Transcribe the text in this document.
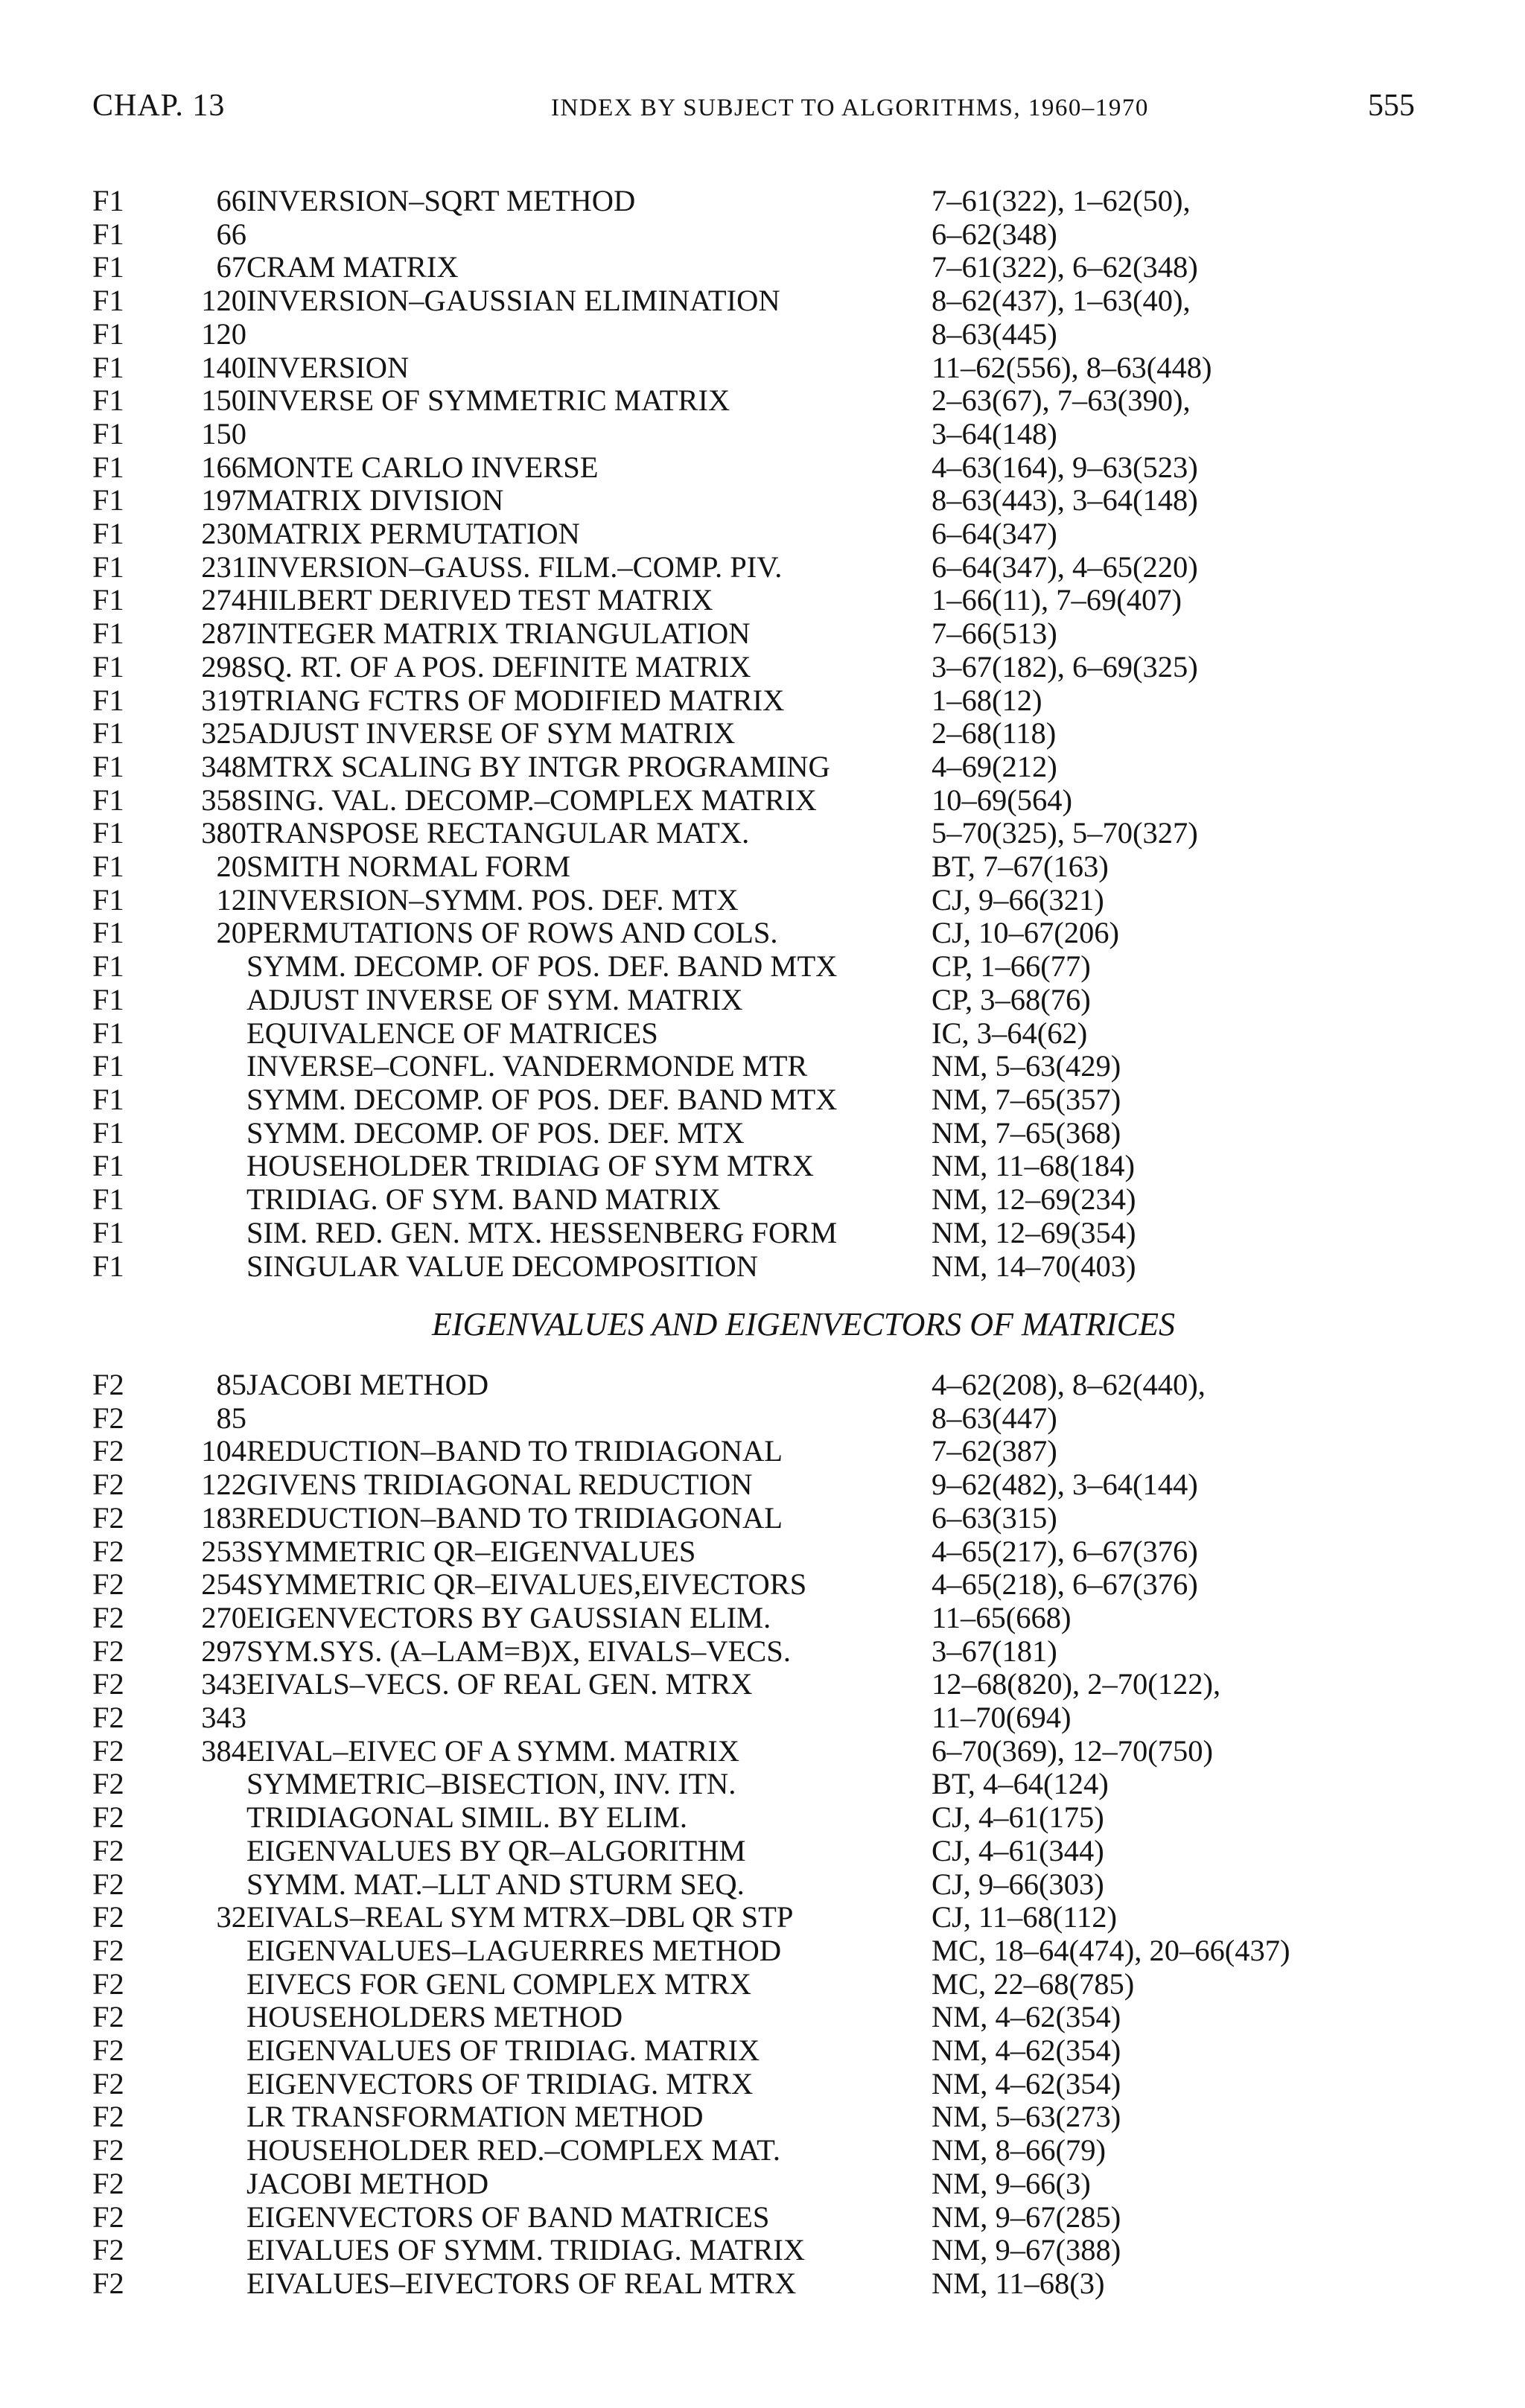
CHAP. 13	INDEX BY SUBJECT TO ALGORITHMS, 1960–1970	555
F1	66	INVERSION–SQRT METHOD	7–61(322), 1–62(50),
F1	66		6–62(348)
F1	67	CRAM MATRIX	7–61(322), 6–62(348)
F1	120	INVERSION–GAUSSIAN ELIMINATION	8–62(437), 1–63(40),
F1	120		8–63(445)
F1	140	INVERSION	11–62(556), 8–63(448)
F1	150	INVERSE OF SYMMETRIC MATRIX	2–63(67), 7–63(390),
F1	150		3–64(148)
F1	166	MONTE CARLO INVERSE	4–63(164), 9–63(523)
F1	197	MATRIX DIVISION	8–63(443), 3–64(148)
F1	230	MATRIX PERMUTATION	6–64(347)
F1	231	INVERSION–GAUSS. FILM.–COMP. PIV.	6–64(347), 4–65(220)
F1	274	HILBERT DERIVED TEST MATRIX	1–66(11), 7–69(407)
F1	287	INTEGER MATRIX TRIANGULATION	7–66(513)
F1	298	SQ. RT. OF A POS. DEFINITE MATRIX	3–67(182), 6–69(325)
F1	319	TRIANG FCTRS OF MODIFIED MATRIX	1–68(12)
F1	325	ADJUST INVERSE OF SYM MATRIX	2–68(118)
F1	348	MTRX SCALING BY INTGR PROGRAMING	4–69(212)
F1	358	SING. VAL. DECOMP.–COMPLEX MATRIX	10–69(564)
F1	380	TRANSPOSE RECTANGULAR MATX.	5–70(325), 5–70(327)
F1	20	SMITH NORMAL FORM	BT, 7–67(163)
F1	12	INVERSION–SYMM. POS. DEF. MTX	CJ, 9–66(321)
F1	20	PERMUTATIONS OF ROWS AND COLS.	CJ, 10–67(206)
F1		SYMM. DECOMP. OF POS. DEF. BAND MTX	CP, 1–66(77)
F1		ADJUST INVERSE OF SYM. MATRIX	CP, 3–68(76)
F1		EQUIVALENCE OF MATRICES	IC, 3–64(62)
F1		INVERSE–CONFL. VANDERMONDE MTR	NM, 5–63(429)
F1		SYMM. DECOMP. OF POS. DEF. BAND MTX	NM, 7–65(357)
F1		SYMM. DECOMP. OF POS. DEF. MTX	NM, 7–65(368)
F1		HOUSEHOLDER TRIDIAG OF SYM MTRX	NM, 11–68(184)
F1		TRIDIAG. OF SYM. BAND MATRIX	NM, 12–69(234)
F1		SIM. RED. GEN. MTX. HESSENBERG FORM	NM, 12–69(354)
F1		SINGULAR VALUE DECOMPOSITION	NM, 14–70(403)
EIGENVALUES AND EIGENVECTORS OF MATRICES
F2	85	JACOBI METHOD	4–62(208), 8–62(440),
F2	85		8–63(447)
F2	104	REDUCTION–BAND TO TRIDIAGONAL	7–62(387)
F2	122	GIVENS TRIDIAGONAL REDUCTION	9–62(482), 3–64(144)
F2	183	REDUCTION–BAND TO TRIDIAGONAL	6–63(315)
F2	253	SYMMETRIC QR–EIGENVALUES	4–65(217), 6–67(376)
F2	254	SYMMETRIC QR–EIVALUES,EIVECTORS	4–65(218), 6–67(376)
F2	270	EIGENVECTORS BY GAUSSIAN ELIM.	11–65(668)
F2	297	SYM.SYS. (A–LAM=B)X, EIVALS–VECS.	3–67(181)
F2	343	EIVALS–VECS. OF REAL GEN. MTRX	12–68(820), 2–70(122),
F2	343		11–70(694)
F2	384	EIVAL–EIVEC OF A SYMM. MATRIX	6–70(369), 12–70(750)
F2		SYMMETRIC–BISECTION, INV. ITN.	BT, 4–64(124)
F2		TRIDIAGONAL SIMIL. BY ELIM.	CJ, 4–61(175)
F2		EIGENVALUES BY QR–ALGORITHM	CJ, 4–61(344)
F2		SYMM. MAT.–LLT AND STURM SEQ.	CJ, 9–66(303)
F2	32	EIVALS–REAL SYM MTRX–DBL QR STP	CJ, 11–68(112)
F2		EIGENVALUES–LAGUERRES METHOD	MC, 18–64(474), 20–66(437)
F2		EIVECS FOR GENL COMPLEX MTRX	MC, 22–68(785)
F2		HOUSEHOLDERS METHOD	NM, 4–62(354)
F2		EIGENVALUES OF TRIDIAG. MATRIX	NM, 4–62(354)
F2		EIGENVECTORS OF TRIDIAG. MTRX	NM, 4–62(354)
F2		LR TRANSFORMATION METHOD	NM, 5–63(273)
F2		HOUSEHOLDER RED.–COMPLEX MAT.	NM, 8–66(79)
F2		JACOBI METHOD	NM, 9–66(3)
F2		EIGENVECTORS OF BAND MATRICES	NM, 9–67(285)
F2		EIVALUES OF SYMM. TRIDIAG. MATRIX	NM, 9–67(388)
F2		EIVALUES–EIVECTORS OF REAL MTRX	NM, 11–68(3)
